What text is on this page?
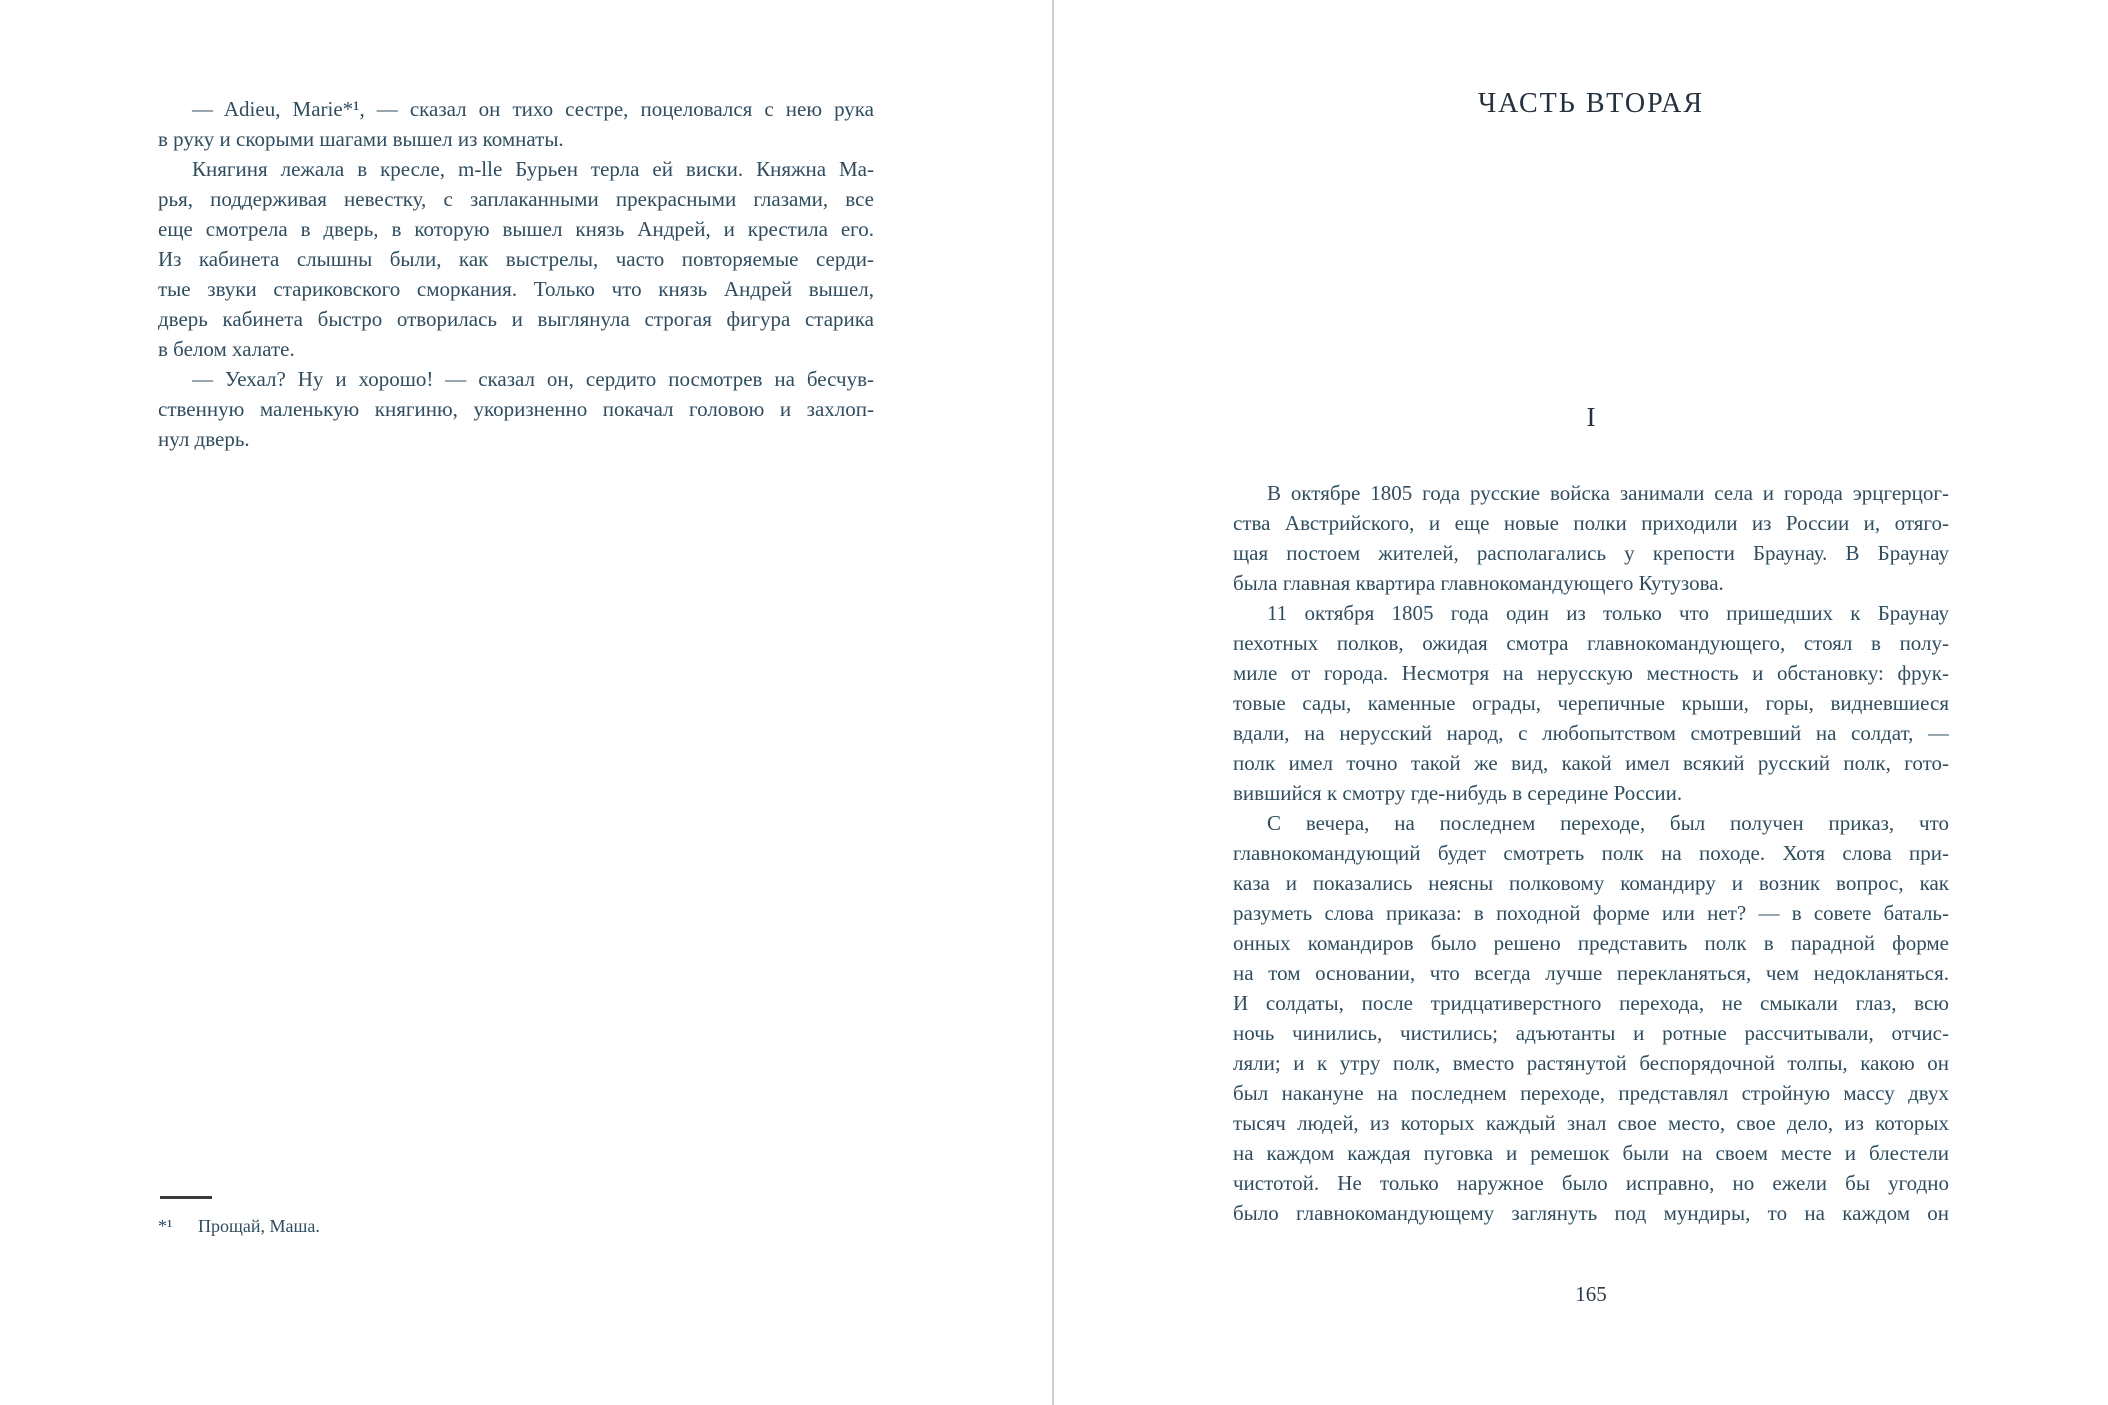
— Adieu, Marie*¹, — сказал он тихо сестре, поцеловался с нею рука
в руку и скорыми шагами вышел из комнаты.
Княгиня лежала в кресле, m-lle Бурьен терла ей виски. Княжна Ма-
рья, поддерживая невестку, с заплаканными прекрасными глазами, все
еще смотрела в дверь, в которую вышел князь Андрей, и крестила его.
Из кабинета слышны были, как выстрелы, часто повторяемые серди-
тые звуки стариковского сморкания. Только что князь Андрей вышел,
дверь кабинета быстро отворилась и выглянула строгая фигура старика
в белом халате.
— Уехал? Ну и хорошо! — сказал он, сердито посмотрев на бесчув-
ственную маленькую княгиню, укоризненно покачал головою и захлоп-
нул дверь.
*¹ Прощай, Маша.
ЧАСТЬ ВТОРАЯ
I
В октябре 1805 года русские войска занимали села и города эрцгерцог-
ства Австрийского, и еще новые полки приходили из России и, отяго-
щая постоем жителей, располагались у крепости Браунау. В Браунау
была главная квартира главнокомандующего Кутузова.
11 октября 1805 года один из только что пришедших к Браунау
пехотных полков, ожидая смотра главнокомандующего, стоял в полу-
миле от города. Несмотря на нерусскую местность и обстановку: фрук-
товые сады, каменные ограды, черепичные крыши, горы, видневшиеся
вдали, на нерусский народ, с любопытством смотревший на солдат, —
полк имел точно такой же вид, какой имел всякий русский полк, гото-
вившийся к смотру где-нибудь в середине России.
С вечера, на последнем переходе, был получен приказ, что
главнокомандующий будет смотреть полк на походе. Хотя слова при-
каза и показались неясны полковому командиру и возник вопрос, как
разуметь слова приказа: в походной форме или нет? — в совете баталь-
онных командиров было решено представить полк в парадной форме
на том основании, что всегда лучше перекланяться, чем недокланяться.
И солдаты, после тридцативерстного перехода, не смыкали глаз, всю
ночь чинились, чистились; адъютанты и ротные рассчитывали, отчис-
ляли; и к утру полк, вместо растянутой беспорядочной толпы, какою он
был накануне на последнем переходе, представлял стройную массу двух
тысяч людей, из которых каждый знал свое место, свое дело, из которых
на каждом каждая пуговка и ремешок были на своем месте и блестели
чистотой. Не только наружное было исправно, но ежели бы угодно
было главнокомандующему заглянуть под мундиры, то на каждом он
165
